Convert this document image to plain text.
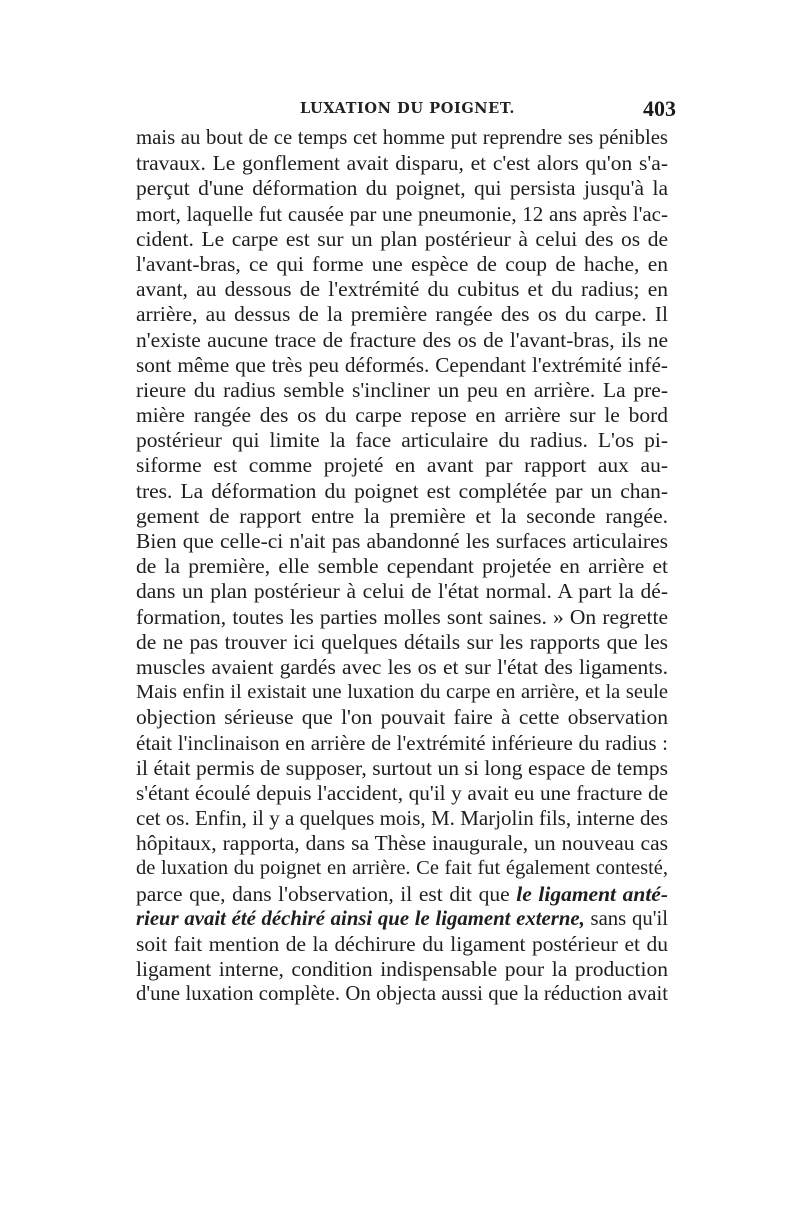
LUXATION DU POIGNET.	403
mais au bout de ce temps cet homme put reprendre ses pénibles
travaux. Le gonflement avait disparu, et c'est alors qu'on s'a-
perçut d'une déformation du poignet, qui persista jusqu'à la
mort, laquelle fut causée par une pneumonie, 12 ans après l'ac-
cident. Le carpe est sur un plan postérieur à celui des os de
l'avant-bras, ce qui forme une espèce de coup de hache, en
avant, au dessous de l'extrémité du cubitus et du radius; en
arrière, au dessus de la première rangée des os du carpe. Il
n'existe aucune trace de fracture des os de l'avant-bras, ils ne
sont même que très peu déformés. Cependant l'extrémité infé-
rieure du radius semble s'incliner un peu en arrière. La pre-
mière rangée des os du carpe repose en arrière sur le bord
postérieur qui limite la face articulaire du radius. L'os pi-
siforme est comme projeté en avant par rapport aux au-
tres. La déformation du poignet est complétée par un chan-
gement de rapport entre la première et la seconde rangée.
Bien que celle-ci n'ait pas abandonné les surfaces articulaires
de la première, elle semble cependant projetée en arrière et
dans un plan postérieur à celui de l'état normal. A part la dé-
formation, toutes les parties molles sont saines. » On regrette
de ne pas trouver ici quelques détails sur les rapports que les
muscles avaient gardés avec les os et sur l'état des ligaments.
Mais enfin il existait une luxation du carpe en arrière, et la seule
objection sérieuse que l'on pouvait faire à cette observation
était l'inclinaison en arrière de l'extrémité inférieure du radius :
il était permis de supposer, surtout un si long espace de temps
s'étant écoulé depuis l'accident, qu'il y avait eu une fracture de
cet os. Enfin, il y a quelques mois, M. Marjolin fils, interne des
hôpitaux, rapporta, dans sa Thèse inaugurale, un nouveau cas
de luxation du poignet en arrière. Ce fait fut également contesté,
parce que, dans l'observation, il est dit que le ligament anté-
rieur avait été déchiré ainsi que le ligament externe, sans qu'il
soit fait mention de la déchirure du ligament postérieur et du
ligament interne, condition indispensable pour la production
d'une luxation complète. On objecta aussi que la réduction avait
